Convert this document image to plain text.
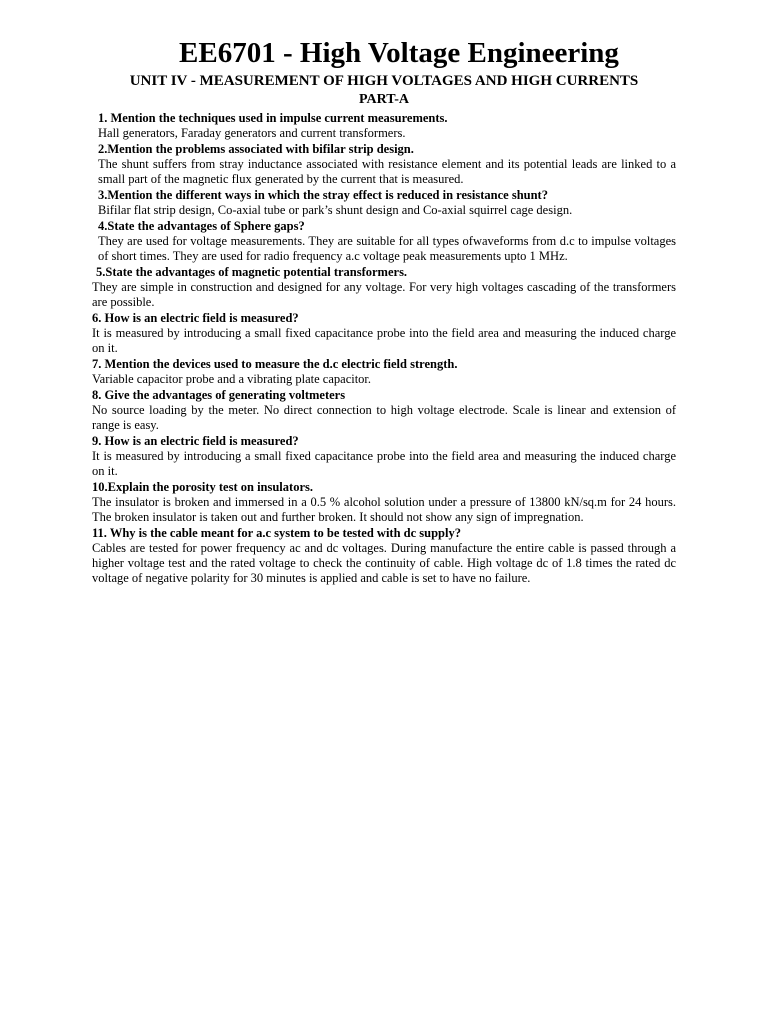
EE6701 - High Voltage Engineering
UNIT IV - MEASUREMENT OF HIGH VOLTAGES AND HIGH CURRENTS
PART-A

1. Mention the techniques used in impulse current measurements.

Hall generators, Faraday generators and current transformers.

2.Mention the problems associated with bifilar strip design.

The shunt suffers from stray inductance associated with resistance element and its potential leads are linked to a small part of the magnetic flux generated by the current that is measured.

3.Mention the different ways in which the stray effect is reduced in resistance shunt?

Bifilar flat strip design, Co-axial tube or park’s shunt design and Co-axial squirrel cage design.

4.State the advantages of Sphere gaps?

They are used for voltage measurements. They are suitable for all types ofwaveforms from d.c to impulse voltages of short times. They are used for radio frequency a.c voltage peak measurements upto 1 MHz.

5.State the advantages of magnetic potential transformers.

They are simple in construction and designed for any voltage. For very high voltages cascading of the transformers are possible.

6. How is an electric field is measured?

It is measured by introducing a small fixed capacitance probe into the field area and measuring the induced charge on it.

7. Mention the devices used to measure the d.c electric field strength.

Variable capacitor probe and a vibrating plate capacitor.

8. Give the advantages of generating voltmeters

No source loading by the meter. No direct connection to high voltage electrode. Scale is linear and extension of range is easy.

9. How is an electric field is measured?

It is measured by introducing a small fixed capacitance probe into the field area and measuring the induced charge on it.

10.Explain the porosity test on insulators.

The insulator is broken and immersed in a 0.5 % alcohol solution under a pressure of 13800 kN/sq.m for 24 hours. The broken insulator is taken out and further broken. It should not show any sign of impregnation.

11. Why is the cable meant for a.c system to be tested with dc supply?

Cables are tested for power frequency ac and dc voltages. During manufacture the entire cable is passed through a higher voltage test and the rated voltage to check the continuity of cable. High voltage dc of 1.8 times the rated dc voltage of negative polarity for 30 minutes is applied and cable is set to have no failure.
